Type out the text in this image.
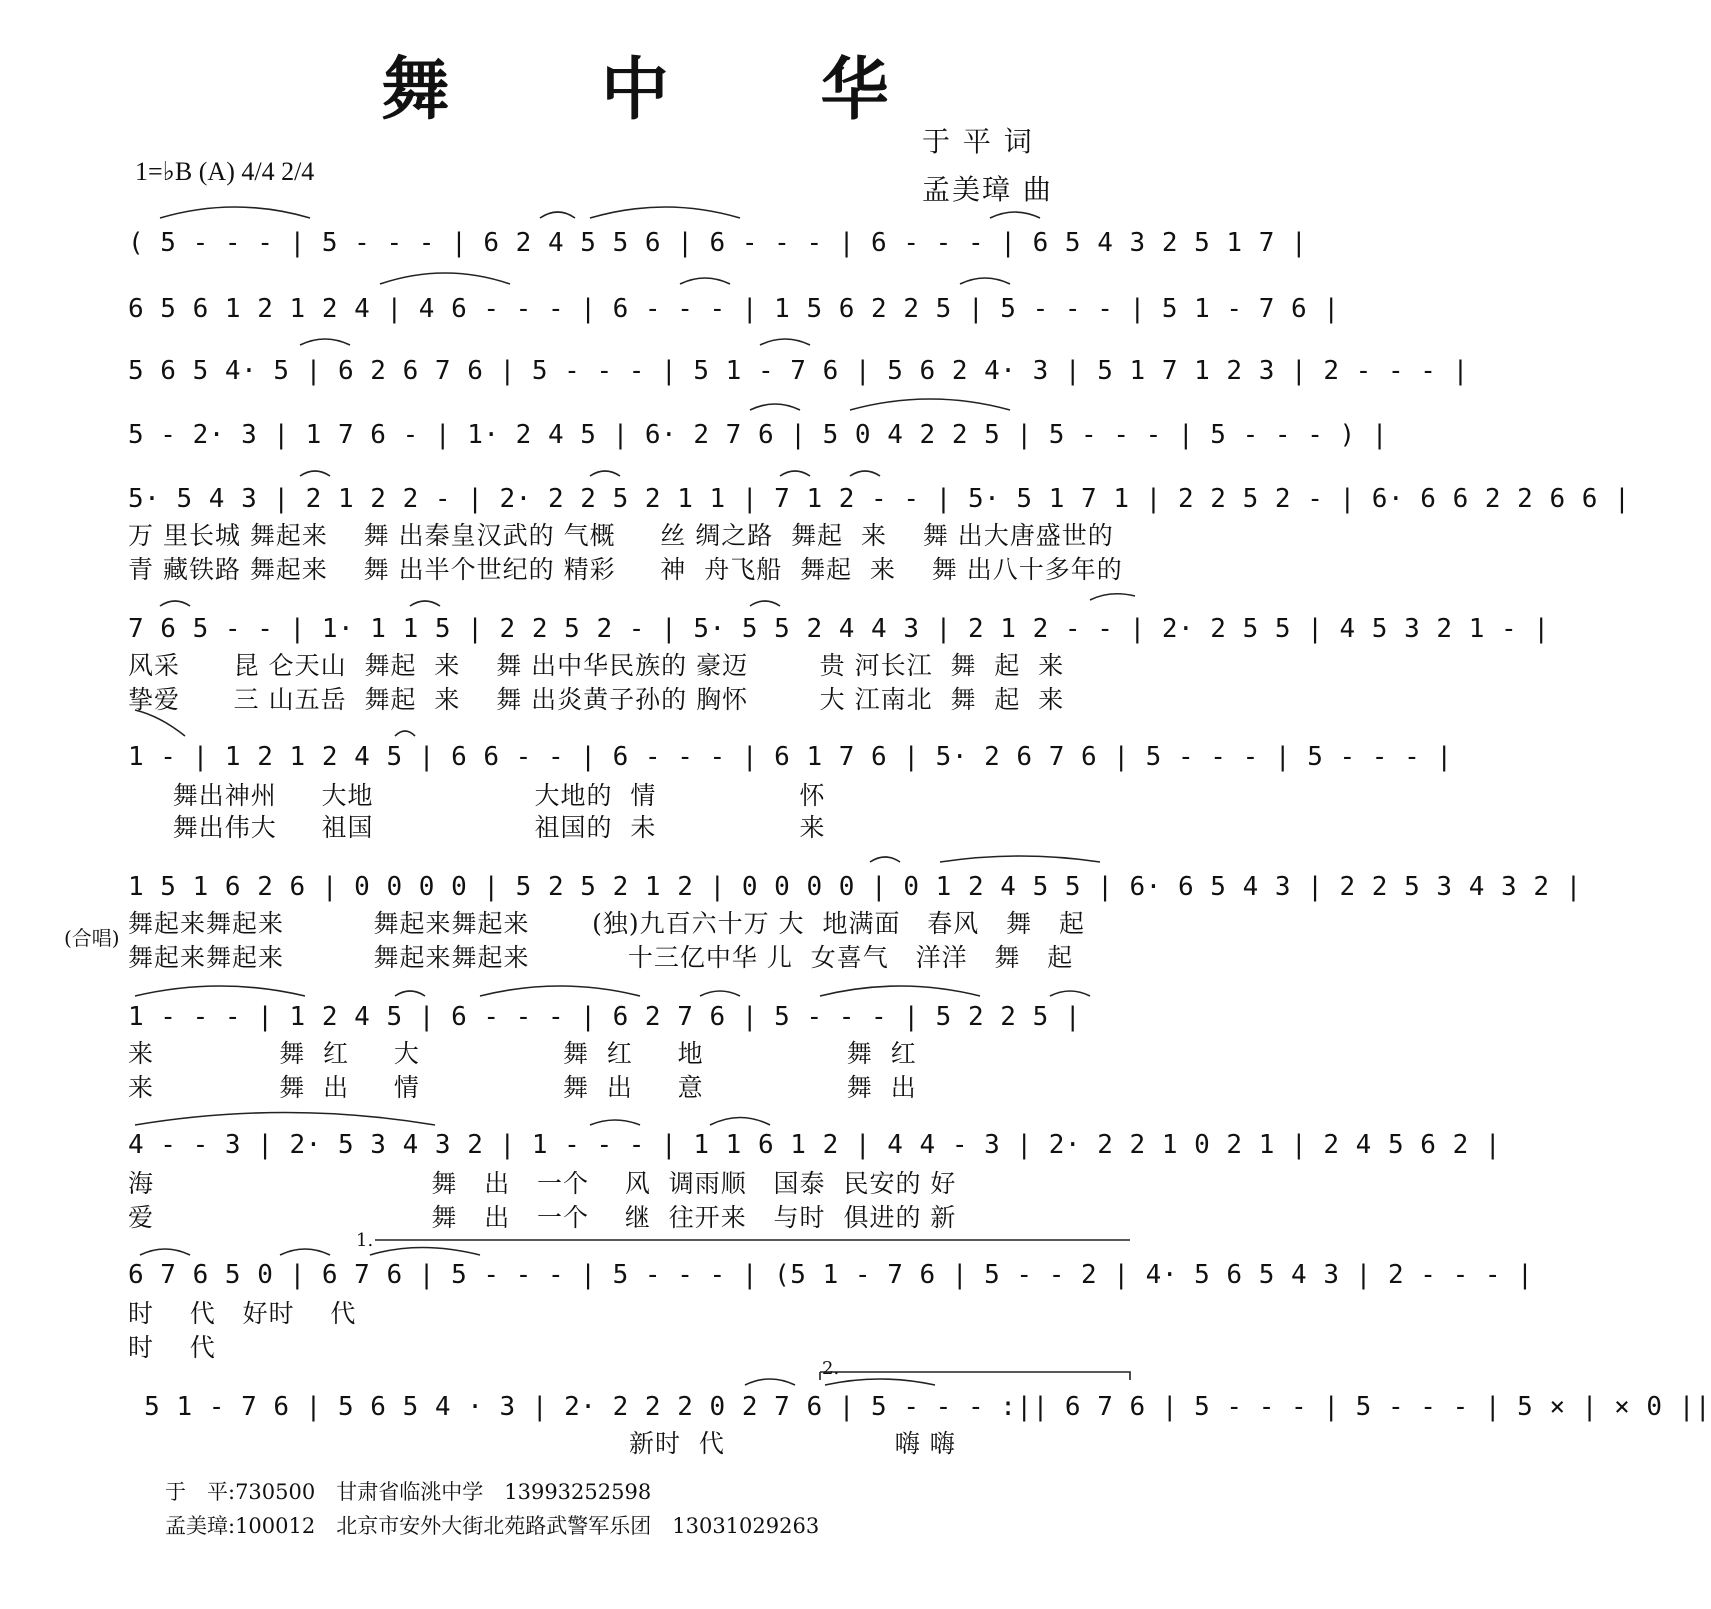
舞 中 华
于 平 词
孟美璋 曲
1=♭B (A) 4/4 2/4
1.
2.
( 5 - - - | 5 - - - | 6 2 4 5 5 6 | 6 - - - | 6 - - - | 6 5 4 3 2 5 1 7 |
6 5 6 1 2 1 2 4 | 4 6 - - - | 6 - - - | 1 5 6 2 2 5 | 5 - - - | 5 1 - 7 6 |
5 6 5 4· 5 | 6 2 6 7 6 | 5 - - - | 5 1 - 7 6 | 5 6 2 4· 3 | 5 1 7 1 2 3 | 2 - - - |
5 - 2· 3 | 1 7 6 - | 1· 2 4 5 | 6· 2 7 6 | 5 0 4 2 2 5 | 5 - - - | 5 - - - ) |
5· 5 4 3 | 2 1 2 2 - | 2· 2 2 5 2 1 1 | 7 1 2 - - | 5· 5 1 7 1 | 2 2 5 2 - | 6· 6 6 2 2 6 6 |
万 里长城 舞起来    舞 出秦皇汉武的 气概     丝 绸之路  舞起  来    舞 出大唐盛世的
青 藏铁路 舞起来    舞 出半个世纪的 精彩     神  舟飞船  舞起  来    舞 出八十多年的
7 6 5 - - | 1· 1 1 5 | 2 2 5 2 - | 5· 5 5 2 4 4 3 | 2 1 2 - - | 2· 2 5 5 | 4 5 3 2 1 - |
风采      昆 仑天山  舞起  来    舞 出中华民族的 豪迈        贵 河长江  舞  起  来
挚爱      三 山五岳  舞起  来    舞 出炎黄子孙的 胸怀        大 江南北  舞  起  来
1 - | 1 2 1 2 4 5 | 6 6 - - | 6 - - - | 6 1 7 6 | 5· 2 6 7 6 | 5 - - - | 5 - - - |
舞出神州     大地                  大地的  情                怀
舞出伟大     祖国                  祖国的  未                来
1 5 1 6 2 6 | 0 0 0 0 | 5 2 5 2 1 2 | 0 0 0 0 | 0 1 2 4 5 5 | 6· 6 5 4 3 | 2 2 5 3 4 3 2 |
舞起来舞起来          舞起来舞起来       (独)九百六十万 大  地满面   春风   舞   起
舞起来舞起来          舞起来舞起来           十三亿中华 儿  女喜气   洋洋   舞   起
(合唱)
1 - - - | 1 2 4 5 | 6 - - - | 6 2 7 6 | 5 - - - | 5 2 2 5 |
来              舞  红     大                舞  红     地                舞  红
来              舞  出     情                舞  出     意                舞  出
4 - - 3 | 2· 5 3 4 3 2 | 1 - - - | 1 1 6 1 2 | 4 4 - 3 | 2· 2 2 1 0 2 1 | 2 4 5 6 2 |
海                               舞   出   一个    风  调雨顺   国泰  民安的 好
爱                               舞   出   一个    继  往开来   与时  俱进的 新
6 7 6 5 0 | 6 7 6 | 5 - - - | 5 - - - | (5 1 - 7 6 | 5 - - 2 | 4· 5 6 5 4 3 | 2 - - - |
时    代   好时    代
时    代
5 1 - 7 6 | 5 6 5 4 · 3 | 2· 2 2 2 0 2 7 6 | 5 - - - :|| 6 7 6 | 5 - - - | 5 - - - | 5 × | × 0 ||
新时  代                   嗨 嗨
于　平:730500　甘肃省临洮中学　13993252598
孟美璋:100012　北京市安外大街北苑路武警军乐团　13031029263
